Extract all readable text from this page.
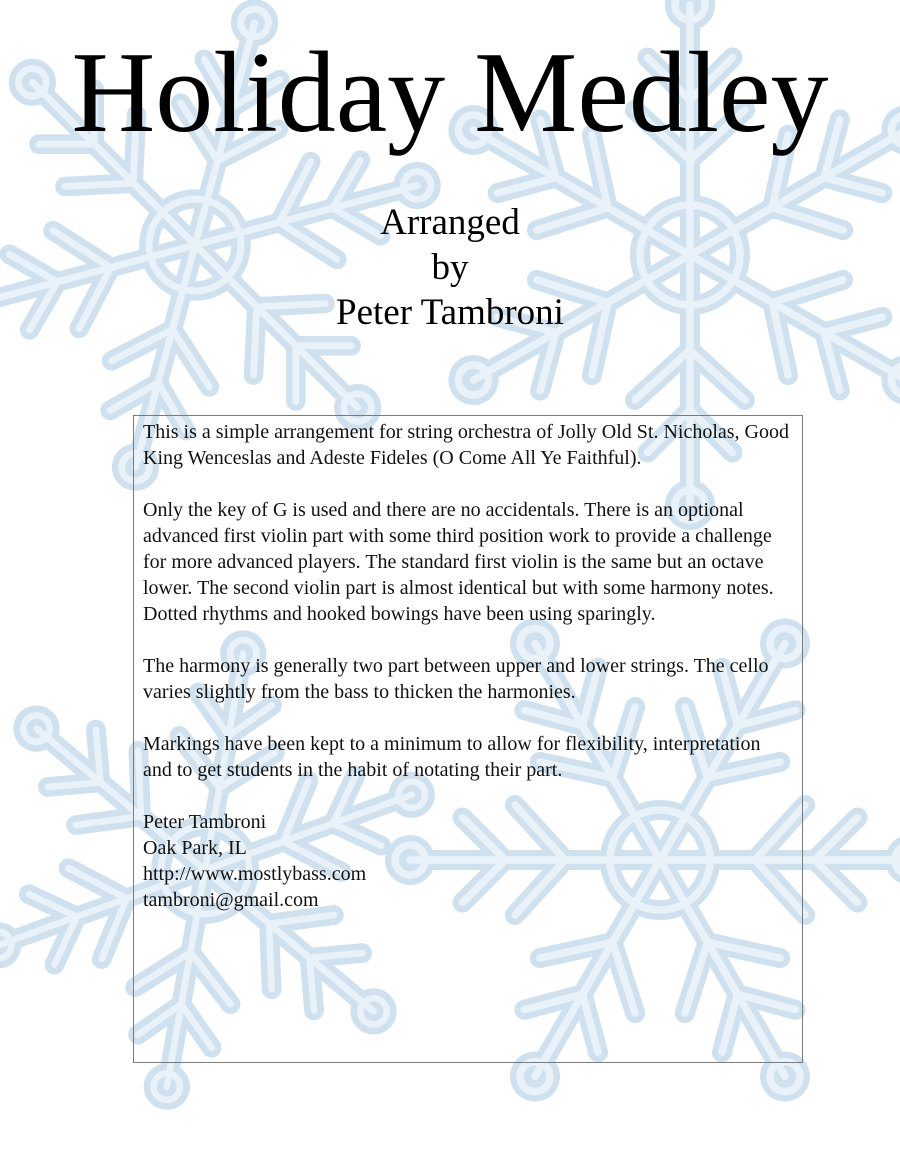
Holiday Medley
Arranged
by
Peter Tambroni

This is a simple arrangement for string orchestra of Jolly Old St. Nicholas, Good King Wenceslas and Adeste Fideles (O Come All Ye Faithful).

Only the key of G is used and there are no accidentals. There is an optional advanced first violin part with some third position work to provide a challenge for more advanced players. The standard first violin is the same but an octave lower. The second violin part is almost identical but with some harmony notes. Dotted rhythms and hooked bowings have been using sparingly.

The harmony is generally two part between upper and lower strings. The cello varies slightly from the bass to thicken the harmonies.

Markings have been kept to a minimum to allow for flexibility, interpretation and to get students in the habit of notating their part.

Peter Tambroni
Oak Park, IL
http://www.mostlybass.com
tambroni@gmail.com
